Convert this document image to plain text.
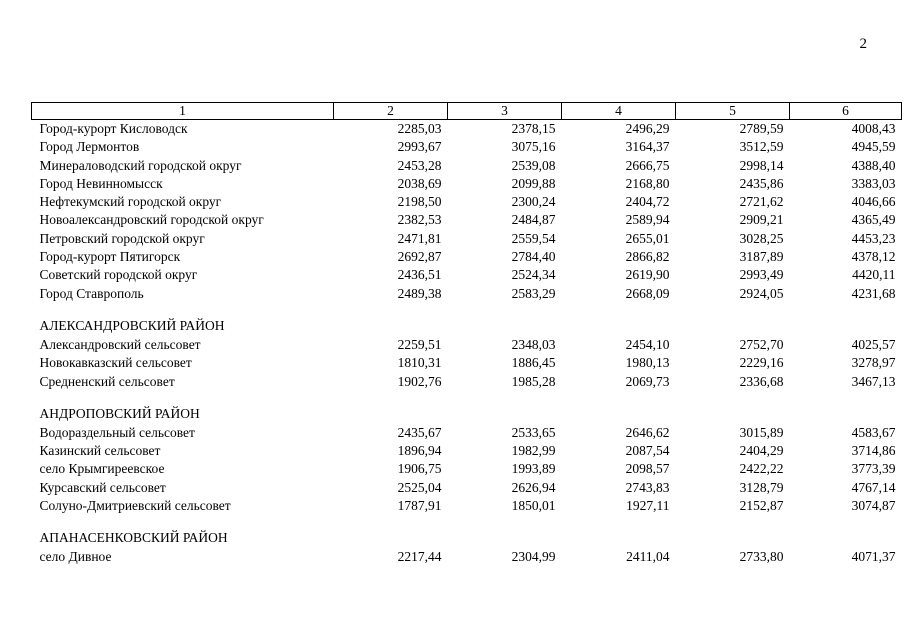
2
1	2	3	4	5	6
Город-курорт Кисловодск	2285,03	2378,15	2496,29	2789,59	4008,43
Город Лермонтов	2993,67	3075,16	3164,37	3512,59	4945,59
Минераловодский городской округ	2453,28	2539,08	2666,75	2998,14	4388,40
Город Невинномысск	2038,69	2099,88	2168,80	2435,86	3383,03
Нефтекумский городской округ	2198,50	2300,24	2404,72	2721,62	4046,66
Новоалександровский городской округ	2382,53	2484,87	2589,94	2909,21	4365,49
Петровский городской округ	2471,81	2559,54	2655,01	3028,25	4453,23
Город-курорт Пятигорск	2692,87	2784,40	2866,82	3187,89	4378,12
Советский городской округ	2436,51	2524,34	2619,90	2993,49	4420,11
Город Ставрополь	2489,38	2583,29	2668,09	2924,05	4231,68

АЛЕКСАНДРОВСКИЙ РАЙОН					
Александровский сельсовет	2259,51	2348,03	2454,10	2752,70	4025,57
Новокавказский сельсовет	1810,31	1886,45	1980,13	2229,16	3278,97
Средненский сельсовет	1902,76	1985,28	2069,73	2336,68	3467,13

АНДРОПОВСКИЙ РАЙОН					
Водораздельный сельсовет	2435,67	2533,65	2646,62	3015,89	4583,67
Казинский сельсовет	1896,94	1982,99	2087,54	2404,29	3714,86
село Крымгиреевское	1906,75	1993,89	2098,57	2422,22	3773,39
Курсавский сельсовет	2525,04	2626,94	2743,83	3128,79	4767,14
Солуно-Дмитриевский сельсовет	1787,91	1850,01	1927,11	2152,87	3074,87

АПАНАСЕНКОВСКИЙ РАЙОН					
село Дивное	2217,44	2304,99	2411,04	2733,80	4071,37
